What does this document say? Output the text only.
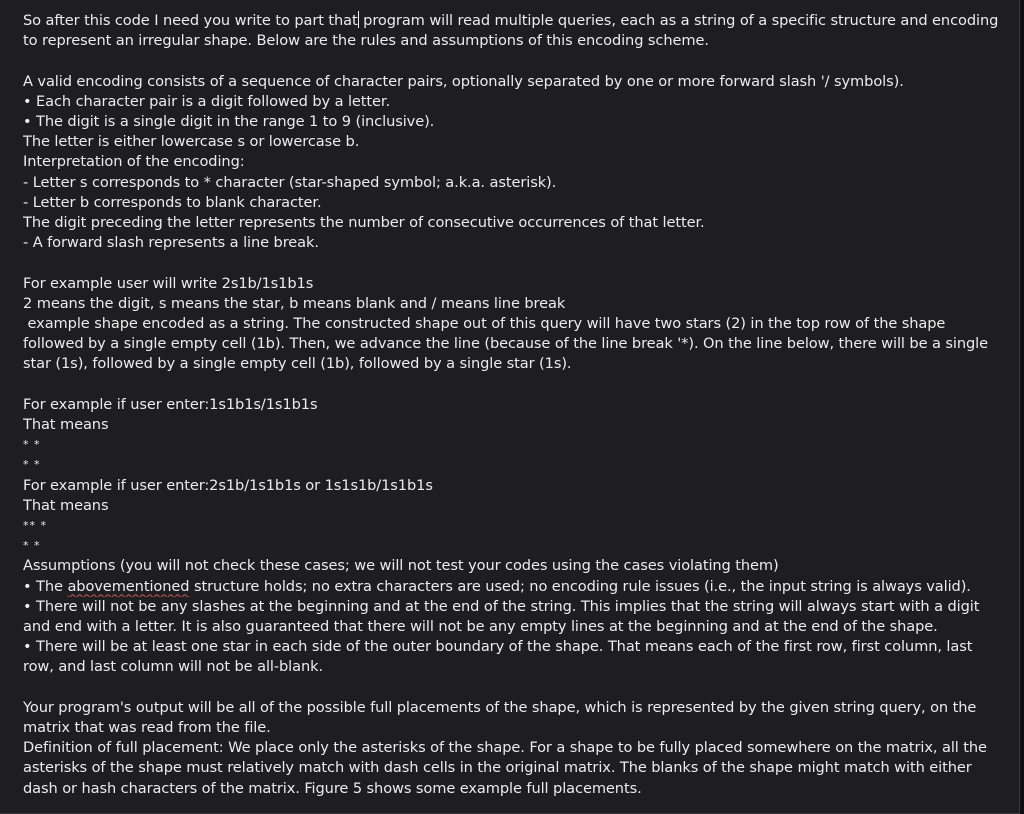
So after this code I need you write to part that program will read multiple queries, each as a string of a specific structure and encoding
to represent an irregular shape. Below are the rules and assumptions of this encoding scheme.
A valid encoding consists of a sequence of character pairs, optionally separated by one or more forward slash '/ symbols).
• Each character pair is a digit followed by a letter.
• The digit is a single digit in the range 1 to 9 (inclusive).
The letter is either lowercase s or lowercase b.
Interpretation of the encoding:
- Letter s corresponds to * character (star-shaped symbol; a.k.a. asterisk).
- Letter b corresponds to blank character.
The digit preceding the letter represents the number of consecutive occurrences of that letter.
- A forward slash represents a line break.
For example user will write 2s1b/1s1b1s
2 means the digit, s means the star, b means blank and / means line break
example shape encoded as a string. The constructed shape out of this query will have two stars (2) in the top row of the shape
followed by a single empty cell (1b). Then, we advance the line (because of the line break '*). On the line below, there will be a single
star (1s), followed by a single empty cell (1b), followed by a single star (1s).
For example if user enter:1s1b1s/1s1b1s
That means
* *
* *
For example if user enter:2s1b/1s1b1s or 1s1s1b/1s1b1s
That means
** *
* *
Assumptions (you will not check these cases; we will not test your codes using the cases violating them)
• The abovementioned structure holds; no extra characters are used; no encoding rule issues (i.e., the input string is always valid).
• There will not be any slashes at the beginning and at the end of the string. This implies that the string will always start with a digit
and end with a letter. It is also guaranteed that there will not be any empty lines at the beginning and at the end of the shape.
• There will be at least one star in each side of the outer boundary of the shape. That means each of the first row, first column, last
row, and last column will not be all-blank.
Your program's output will be all of the possible full placements of the shape, which is represented by the given string query, on the
matrix that was read from the file.
Definition of full placement: We place only the asterisks of the shape. For a shape to be fully placed somewhere on the matrix, all the
asterisks of the shape must relatively match with dash cells in the original matrix. The blanks of the shape might match with either
dash or hash characters of the matrix. Figure 5 shows some example full placements.
